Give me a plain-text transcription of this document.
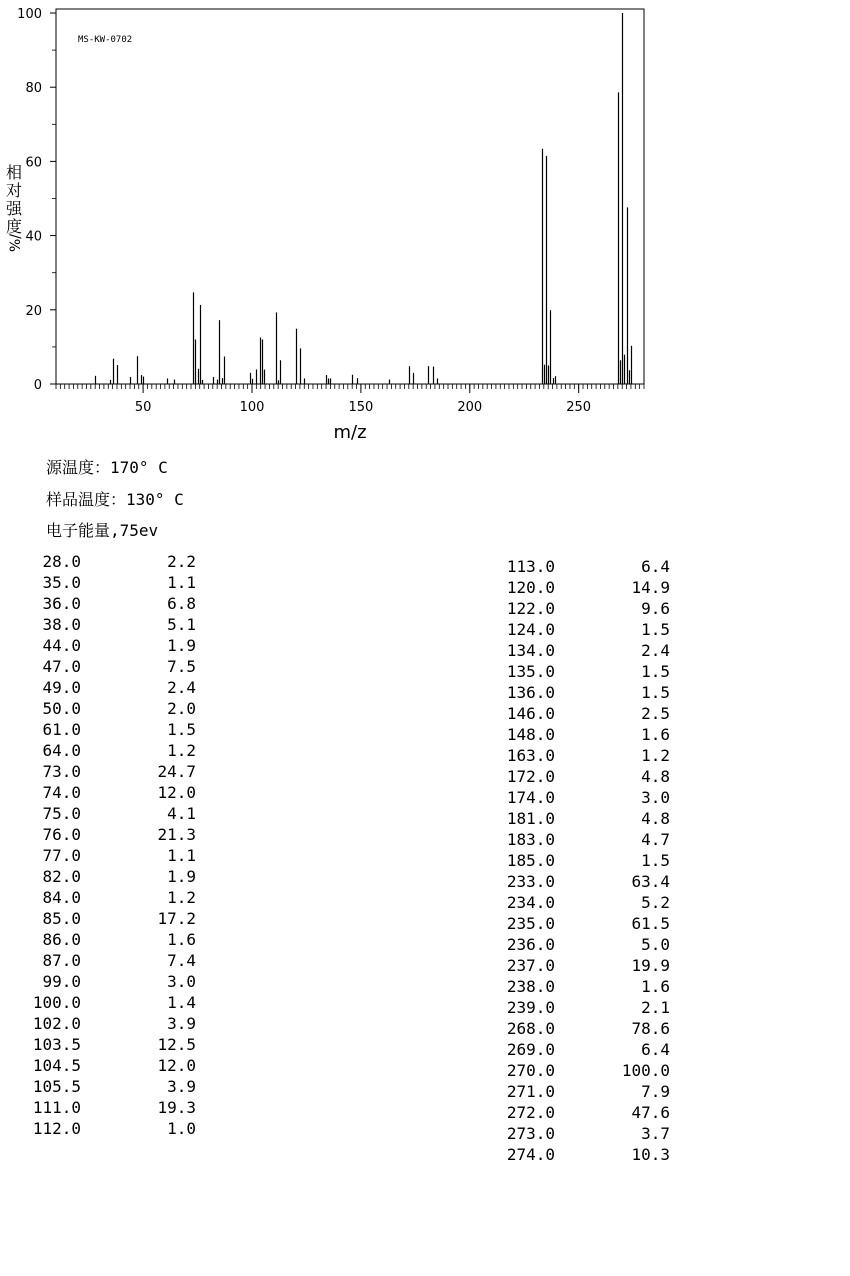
50	100	150	200	250
0
20
40
60
80
100
MS-KW-0702
m/z
相
对
强
度
%/
源温度：170° C
样品温度：130° C
电子能量,75ev
28.0	2.2
35.0	1.1
36.0	6.8
38.0	5.1
44.0	1.9
47.0	7.5
49.0	2.4
50.0	2.0
61.0	1.5
64.0	1.2
73.0	24.7
74.0	12.0
75.0	4.1
76.0	21.3
77.0	1.1
82.0	1.9
84.0	1.2
85.0	17.2
86.0	1.6
87.0	7.4
99.0	3.0
100.0	1.4
102.0	3.9
103.5	12.5
104.5	12.0
105.5	3.9
111.0	19.3
112.0	1.0
113.0	6.4
120.0	14.9
122.0	9.6
124.0	1.5
134.0	2.4
135.0	1.5
136.0	1.5
146.0	2.5
148.0	1.6
163.0	1.2
172.0	4.8
174.0	3.0
181.0	4.8
183.0	4.7
185.0	1.5
233.0	63.4
234.0	5.2
235.0	61.5
236.0	5.0
237.0	19.9
238.0	1.6
239.0	2.1
268.0	78.6
269.0	6.4
270.0	100.0
271.0	7.9
272.0	47.6
273.0	3.7
274.0	10.3
